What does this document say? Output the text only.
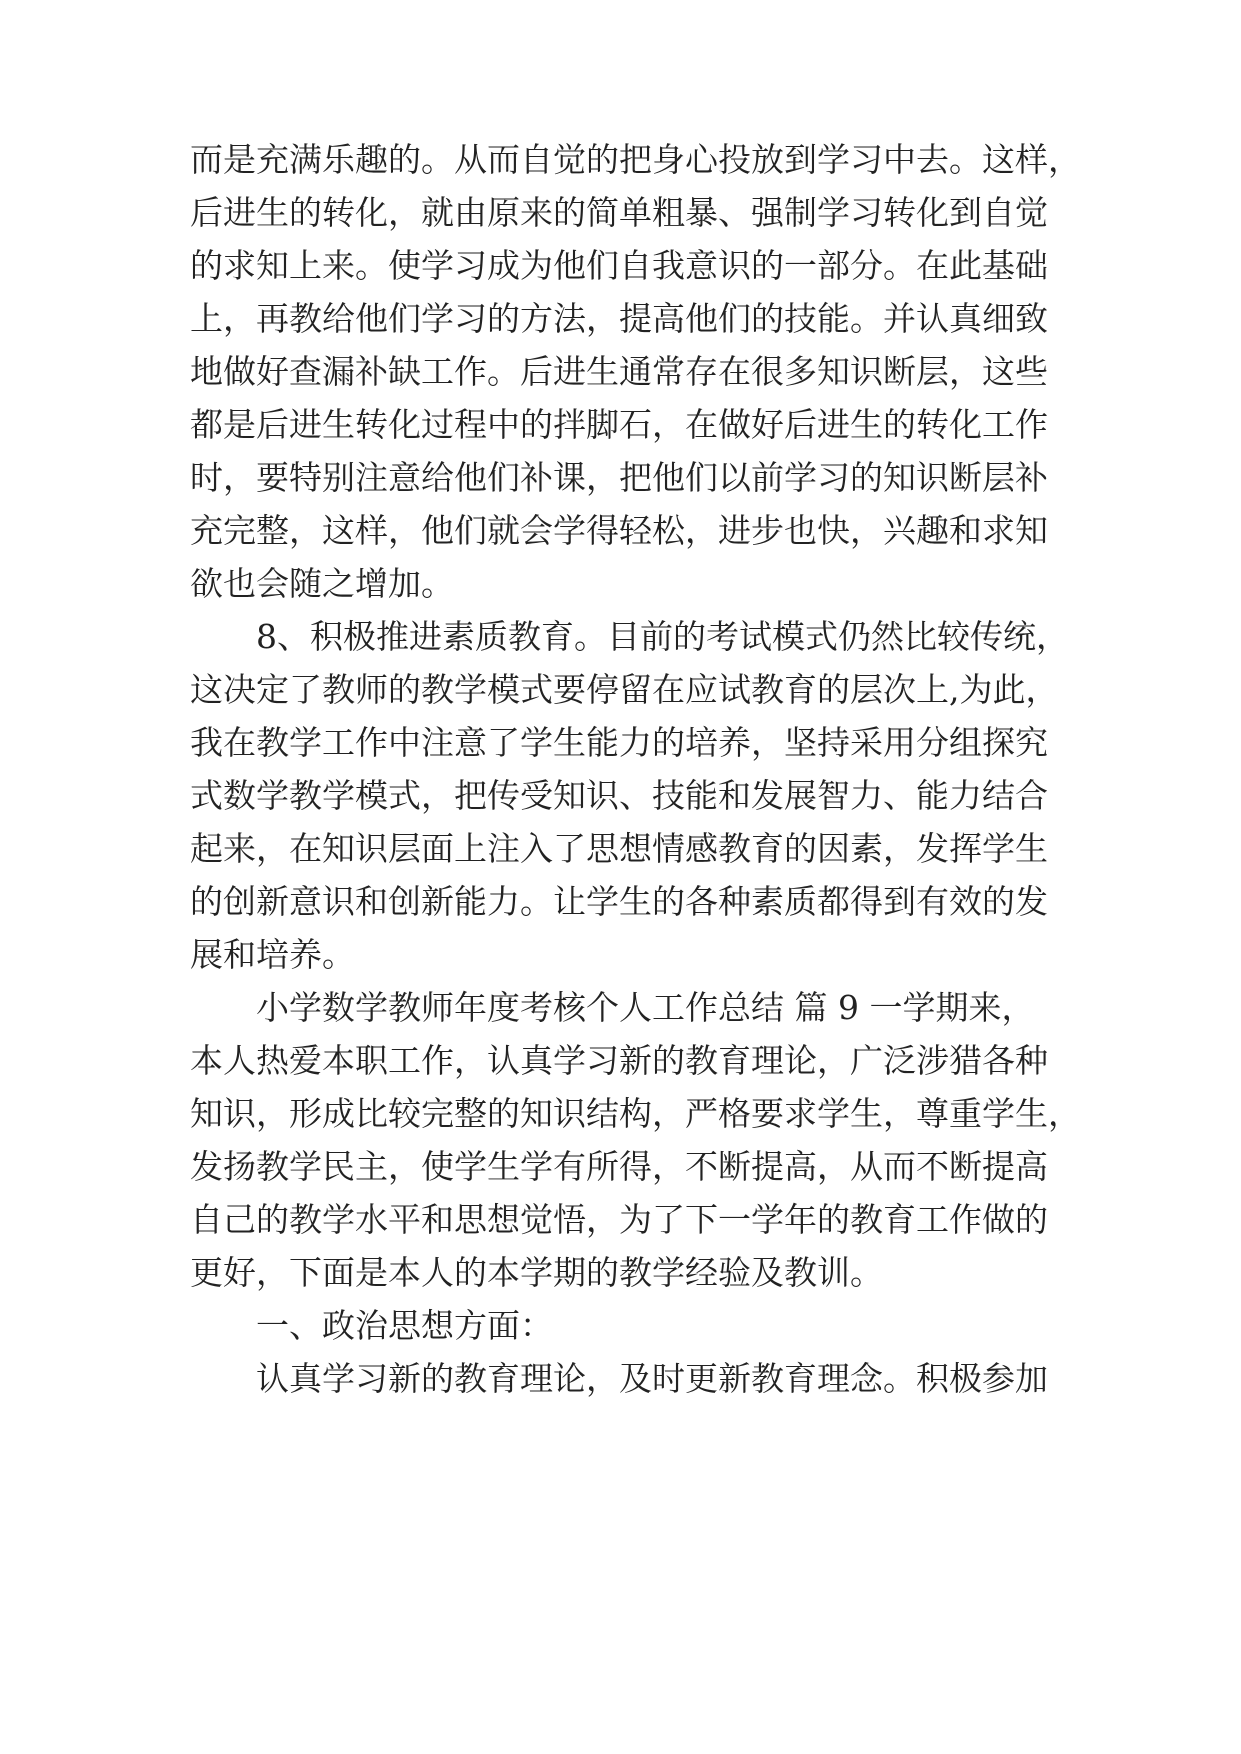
而是充满乐趣的。从而自觉的把身心投放到学习中去。这样，
后进生的转化，就由原来的简单粗暴、强制学习转化到自觉
的求知上来。使学习成为他们自我意识的一部分。在此基础
上，再教给他们学习的方法，提高他们的技能。并认真细致
地做好查漏补缺工作。后进生通常存在很多知识断层，这些
都是后进生转化过程中的拌脚石，在做好后进生的转化工作
时，要特别注意给他们补课，把他们以前学习的知识断层补
充完整，这样，他们就会学得轻松，进步也快，兴趣和求知
欲也会随之增加。
8、积极推进素质教育。目前的考试模式仍然比较传统，
这决定了教师的教学模式要停留在应试教育的层次上,为此，
我在教学工作中注意了学生能力的培养，坚持采用分组探究
式数学教学模式，把传受知识、技能和发展智力、能力结合
起来，在知识层面上注入了思想情感教育的因素，发挥学生
的创新意识和创新能力。让学生的各种素质都得到有效的发
展和培养。
小学数学教师年度考核个人工作总结 篇 9 一学期来，
本人热爱本职工作，认真学习新的教育理论，广泛涉猎各种
知识，形成比较完整的知识结构，严格要求学生，尊重学生，
发扬教学民主，使学生学有所得，不断提高，从而不断提高
自己的教学水平和思想觉悟，为了下一学年的教育工作做的
更好，下面是本人的本学期的教学经验及教训。
一、政治思想方面：
认真学习新的教育理论，及时更新教育理念。积极参加
